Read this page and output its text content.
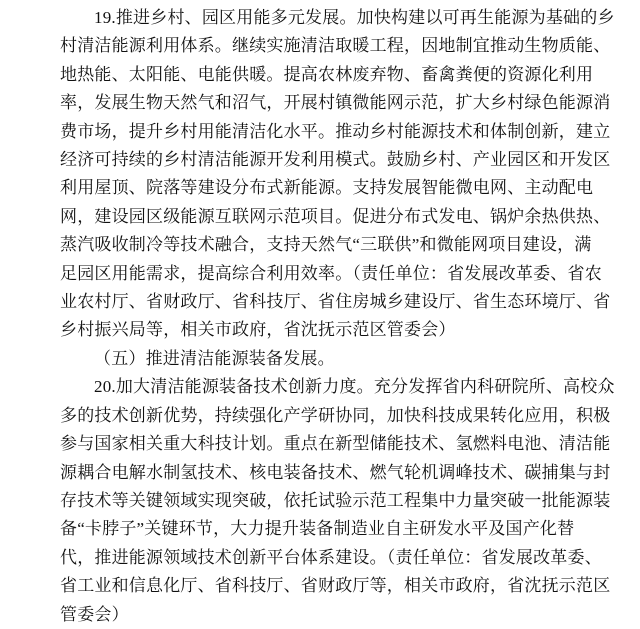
19.推进乡村、园区用能多元发展。加快构建以可再生能源为基础的乡
村清洁能源利用体系。继续实施清洁取暖工程，因地制宜推动生物质能、
地热能、太阳能、电能供暖。提高农林废弃物、畜禽粪便的资源化利用
率，发展生物天然气和沼气，开展村镇微能网示范，扩大乡村绿色能源消
费市场，提升乡村用能清洁化水平。推动乡村能源技术和体制创新，建立
经济可持续的乡村清洁能源开发利用模式。鼓励乡村、产业园区和开发区
利用屋顶、院落等建设分布式新能源。支持发展智能微电网、主动配电
网，建设园区级能源互联网示范项目。促进分布式发电、锅炉余热供热、
蒸汽吸收制冷等技术融合，支持天然气“三联供”和微能网项目建设，满
足园区用能需求，提高综合利用效率。（责任单位：省发展改革委、省农
业农村厅、省财政厅、省科技厅、省住房城乡建设厅、省生态环境厅、省
乡村振兴局等，相关市政府，省沈抚示范区管委会）
（五）推进清洁能源装备发展。
20.加大清洁能源装备技术创新力度。充分发挥省内科研院所、高校众
多的技术创新优势，持续强化产学研协同，加快科技成果转化应用，积极
参与国家相关重大科技计划。重点在新型储能技术、氢燃料电池、清洁能
源耦合电解水制氢技术、核电装备技术、燃气轮机调峰技术、碳捕集与封
存技术等关键领域实现突破，依托试验示范工程集中力量突破一批能源装
备“卡脖子”关键环节，大力提升装备制造业自主研发水平及国产化替
代，推进能源领域技术创新平台体系建设。（责任单位：省发展改革委、
省工业和信息化厅、省科技厅、省财政厅等，相关市政府，省沈抚示范区
管委会）
